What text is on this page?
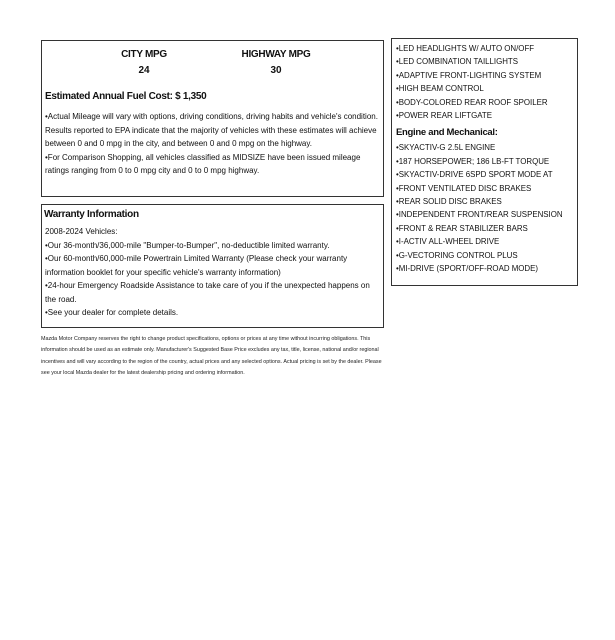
CITY MPG
24
HIGHWAY MPG
30
Estimated Annual Fuel Cost: $ 1,350

•Actual Mileage will vary with options, driving conditions, driving habits and vehicle's condition. Results reported to EPA indicate that the majority of vehicles with these estimates will achieve between 0 and 0 mpg in the city, and between 0 and 0 mpg on the highway.

•For Comparison Shopping, all vehicles classified as MIDSIZE have been issued mileage ratings ranging from 0 to 0 mpg city and 0 to 0 mpg highway.

Warranty Information

2008-2024 Vehicles:

•Our 36-month/36,000-mile "Bumper-to-Bumper", no-deductible limited warranty.

•Our 60-month/60,000-mile Powertrain Limited Warranty (Please check your warranty information booklet for your specific vehicle's warranty information)

•24-hour Emergency Roadside Assistance to take care of you if the unexpected happens on the road.

•See your dealer for complete details.

•LED HEADLIGHTS W/ AUTO ON/OFF
•LED COMBINATION TAILLIGHTS
•ADAPTIVE FRONT-LIGHTING SYSTEM
•HIGH BEAM CONTROL
•BODY-COLORED REAR ROOF SPOILER
•POWER REAR LIFTGATE
Engine and Mechanical:
•SKYACTIV-G 2.5L ENGINE
•187 HORSEPOWER; 186 LB-FT TORQUE
•SKYACTIV-DRIVE 6SPD SPORT MODE AT
•FRONT VENTILATED DISC BRAKES
•REAR SOLID DISC BRAKES
•INDEPENDENT FRONT/REAR SUSPENSION
•FRONT & REAR STABILIZER BARS
•I-ACTIV ALL-WHEEL DRIVE
•G-VECTORING CONTROL PLUS
•MI-DRIVE (SPORT/OFF-ROAD MODE)
Mazda Motor Company reserves the right to change product specifications, options or prices at any time without incurring obligations. This information should be used as an estimate only. Manufacturer's Suggested Base Price excludes any tax, title, license, national and/or regional incentives and will vary according to the region of the country, actual prices and any selected options. Actual pricing is set by the dealer. Please see your local Mazda dealer for the latest dealership pricing and ordering information.
